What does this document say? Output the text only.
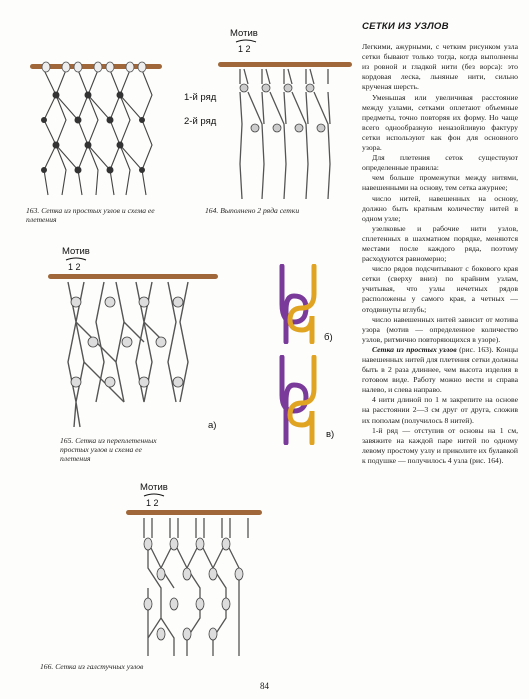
163. Сетка из простых узлов и схема ее плетения
Мотив
1 2
1-й ряд
2-й ряд
164. Выполнено 2 ряда сетки
Мотив
1 2
а)
165. Сетка из переплетенных простых узлов и схема ее плетения
б)
в)
Мотив
1 2
166. Сетка из галстучных узлов
СЕТКИ ИЗ УЗЛОВ

Легкими, ажурными, с четким рисунком узла сетки бывают только тогда, когда выполнены из ровной и гладкой нити (без ворса): это кордовая леска, льняные нити, сильно крученая шерсть.

Уменьшая или увеличивая расстояние между узлами, сетками оплетают объемные предметы, точно повторяя их форму. Но чаще всего однообразную неназойливую фактуру сетки используют как фон для основного узора.

Для плетения сеток существуют определенные правила:

чем больше промежутки между нитями, навешенными на основу, тем сетка ажурнее;

число нитей, навешенных на основу, должно быть кратным количеству нитей в одном узле;

узелковые и рабочие нити узлов, сплетенных в шахматном порядке, меняются местами после каждого ряда, поэтому расходуются равномерно;

число рядов подсчитывают с бокового края сетки (сверху вниз) по крайним узлам, учитывая, что узлы нечетных рядов расположены у самого края, а четных — отодвинуты вглубь;

число навешенных нитей зависит от мотива узора (мотив — определенное количество узлов, ритмично повторяющихся в узоре).

Сетка из простых узлов (рис. 163). Концы навешенных нитей для плетения сетки должны быть в 2 раза длиннее, чем высота изделия в готовом виде. Работу можно вести и справа налево, и слева направо.

4 нити длиной по 1 м закрепите на основе на расстоянии 2—3 см друг от друга, сложив их пополам (получилось 8 нитей).

1-й ряд — отступив от основы на 1 см, завяжите на каждой паре нитей по одному левому простому узлу и приколите их булавкой к подушке — получилось 4 узла (рис. 164).

84
